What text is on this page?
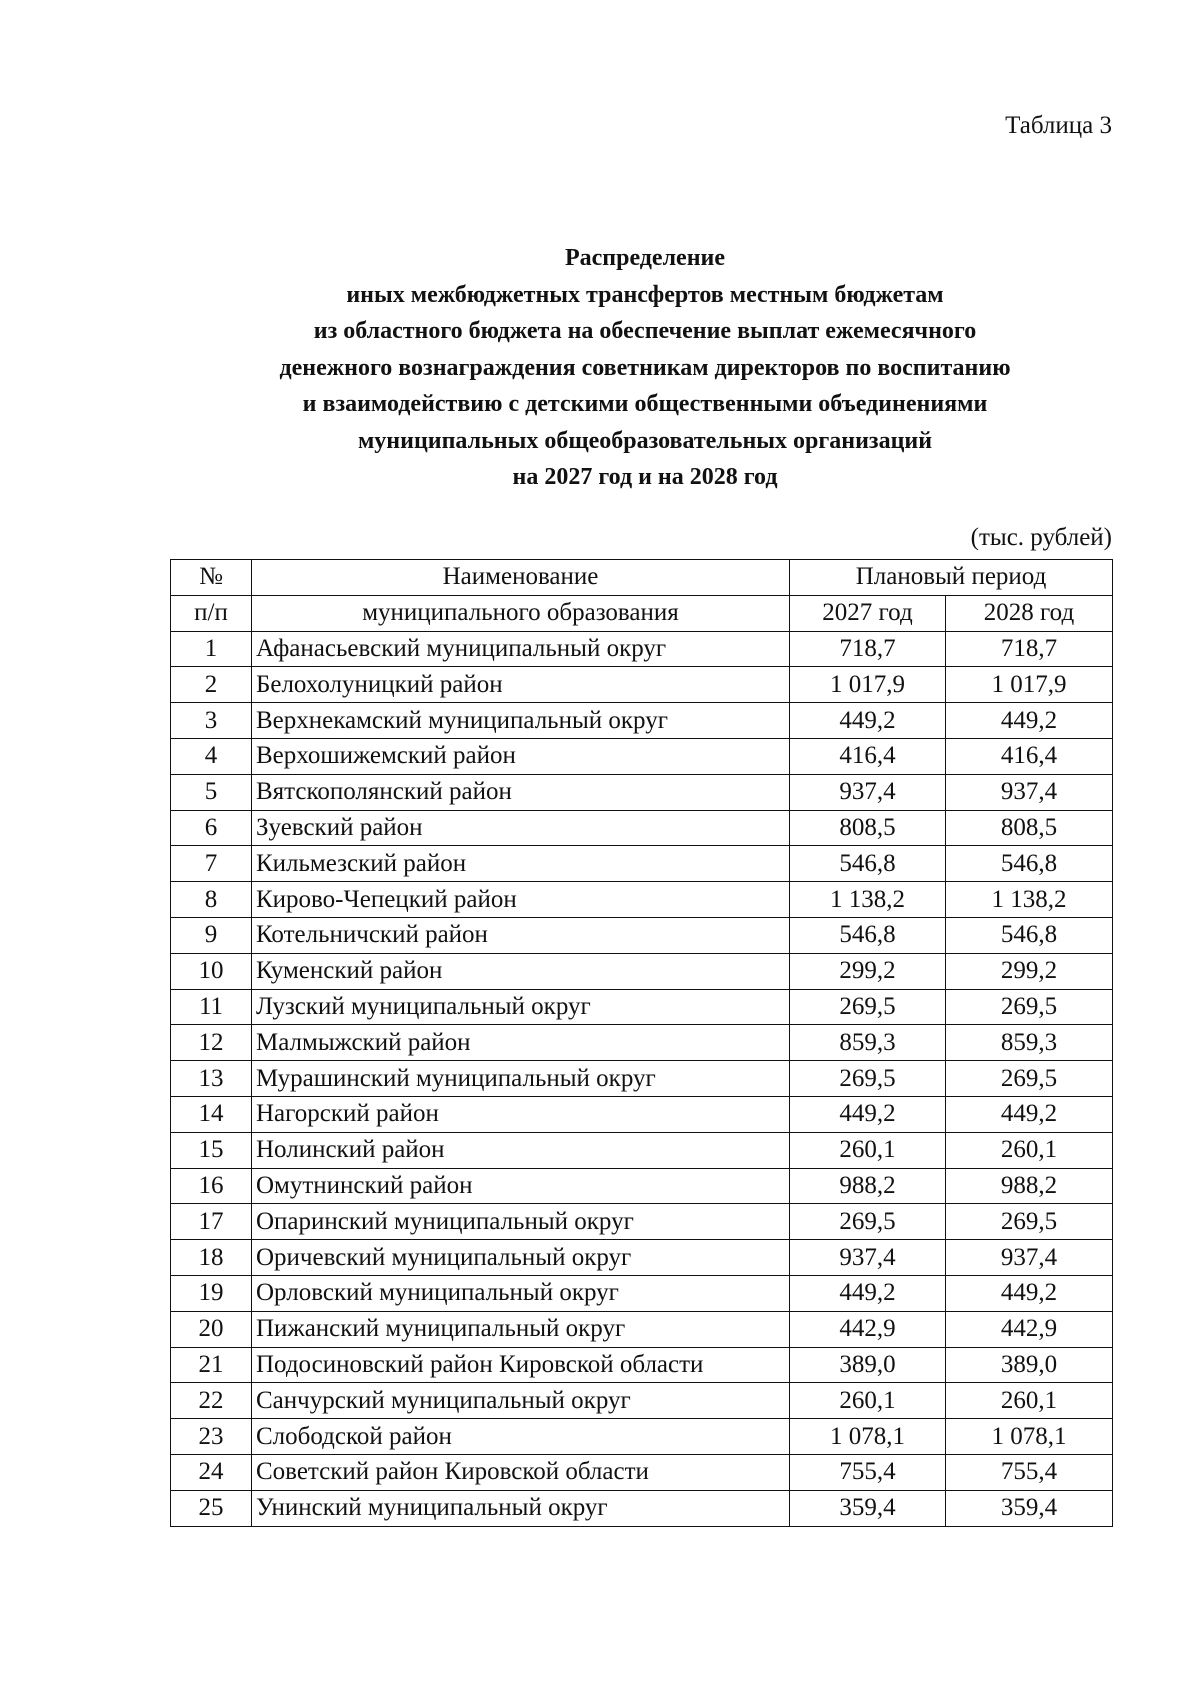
Таблица 3
Распределение
иных межбюджетных трансфертов местным бюджетам
из областного бюджета на обеспечение выплат ежемесячного
денежного вознаграждения советникам директоров по воспитанию
и взаимодействию с детскими общественными объединениями
муниципальных общеобразовательных организаций
на 2027 год и на 2028 год
(тыс. рублей)
№	Наименование	Плановый период	
п/п	муниципального образования	2027 год	2028 год
1	Афанасьевский муниципальный округ	718,7	718,7
2	Белохолуницкий район	1 017,9	1 017,9
3	Верхнекамский муниципальный округ	449,2	449,2
4	Верхошижемский район	416,4	416,4
5	Вятскополянский район	937,4	937,4
6	Зуевский район	808,5	808,5
7	Кильмезский район	546,8	546,8
8	Кирово-Чепецкий район	1 138,2	1 138,2
9	Котельничский район	546,8	546,8
10	Куменский район	299,2	299,2
11	Лузский муниципальный округ	269,5	269,5
12	Малмыжский район	859,3	859,3
13	Мурашинский муниципальный округ	269,5	269,5
14	Нагорский район	449,2	449,2
15	Нолинский район	260,1	260,1
16	Омутнинский район	988,2	988,2
17	Опаринский муниципальный округ	269,5	269,5
18	Оричевский муниципальный округ	937,4	937,4
19	Орловский муниципальный округ	449,2	449,2
20	Пижанский муниципальный округ	442,9	442,9
21	Подосиновский район Кировской области	389,0	389,0
22	Санчурский муниципальный округ	260,1	260,1
23	Слободской район	1 078,1	1 078,1
24	Советский район Кировской области	755,4	755,4
25	Унинский муниципальный округ	359,4	359,4
